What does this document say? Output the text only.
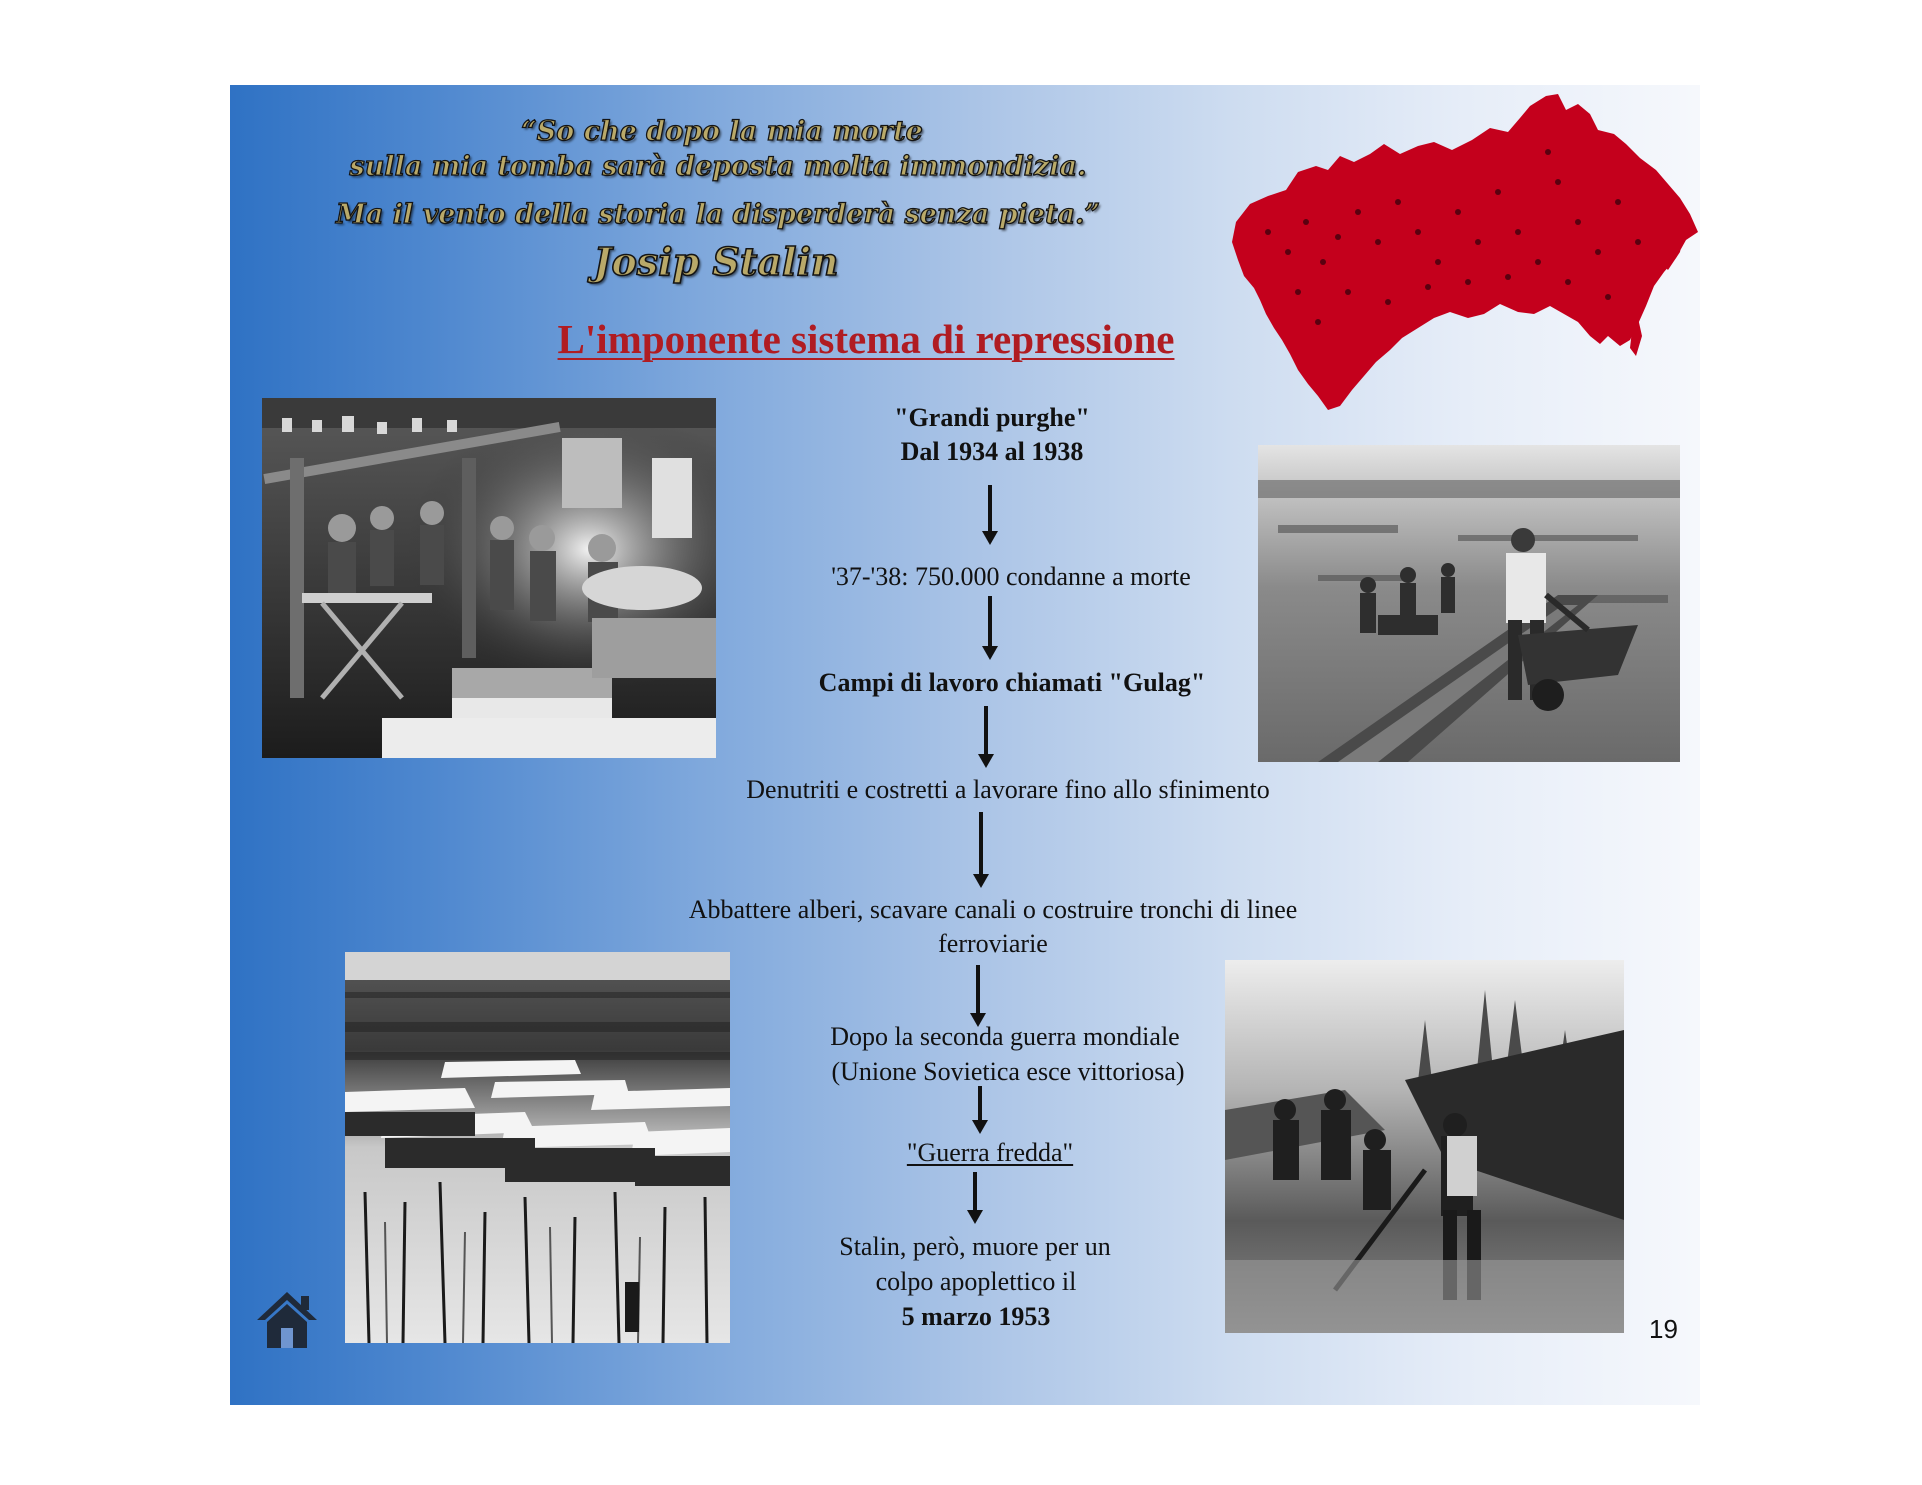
“So che dopo la mia morte
sulla mia tomba sarà deposta molta immondizia.
Ma il vento della storia la disperderà senza pieta.”
Josip Stalin
L'imponente sistema di repressione
"Grandi purghe"
Dal 1934 al 1938
'37-'38: 750.000 condanne a morte
Campi di lavoro chiamati "Gulag"
Denutriti e costretti a lavorare fino allo sfinimento
Abbattere alberi, scavare canali o costruire tronchi di linee
ferroviarie
Dopo la seconda guerra mondiale
(Unione Sovietica esce vittoriosa)
"Guerra fredda"
Stalin, però, muore per un
colpo apoplettico il
5 marzo 1953	19
